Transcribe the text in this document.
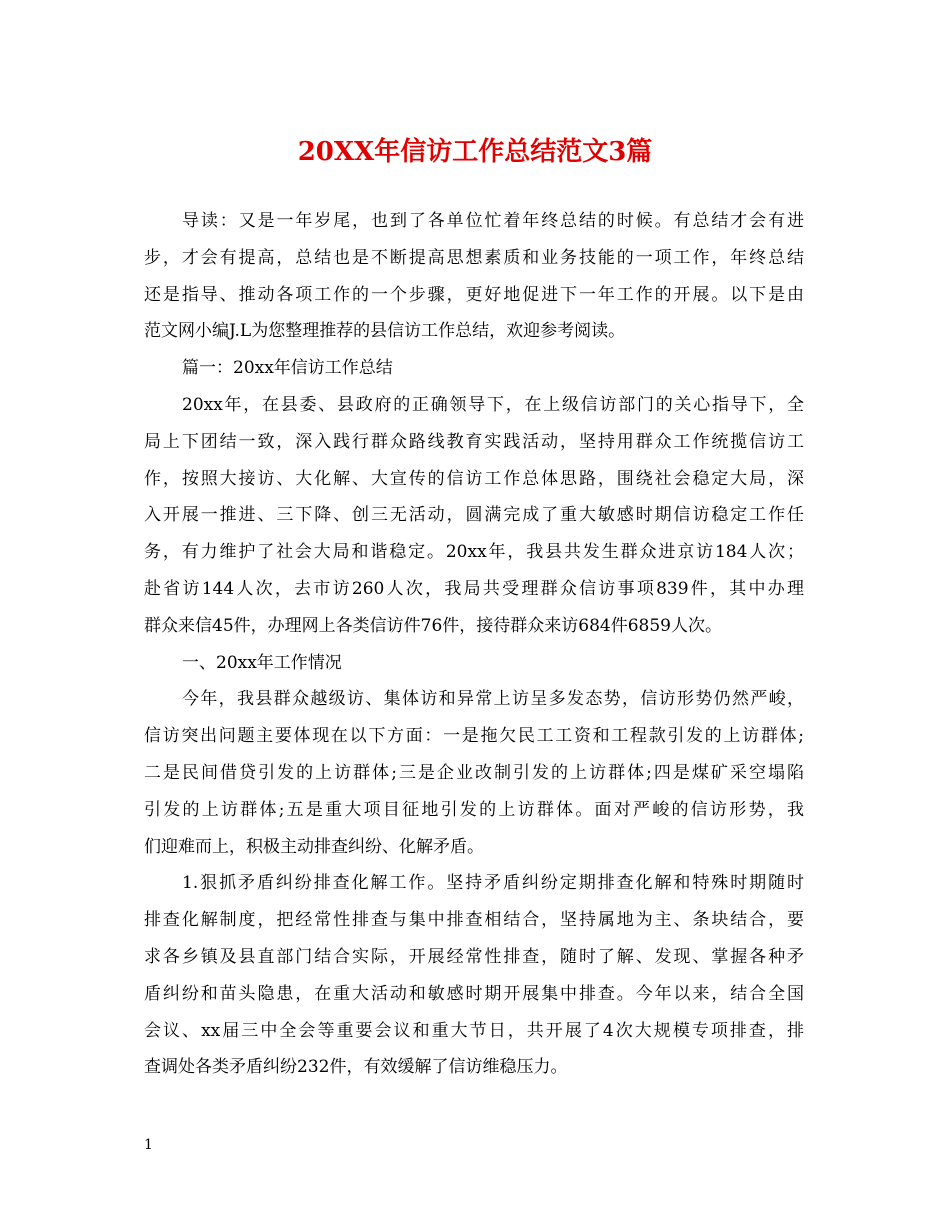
20XX年信访工作总结范文3篇
导读：又是一年岁尾，也到了各单位忙着年终总结的时候。有总结才会有进
步，才会有提高，总结也是不断提高思想素质和业务技能的一项工作，年终总结
还是指导、推动各项工作的一个步骤，更好地促进下一年工作的开展。以下是由
范文网小编J.L为您整理推荐的县信访工作总结，欢迎参考阅读。
篇一：20xx年信访工作总结
20xx年，在县委、县政府的正确领导下，在上级信访部门的关心指导下，全
局上下团结一致，深入践行群众路线教育实践活动，坚持用群众工作统揽信访工
作，按照大接访、大化解、大宣传的信访工作总体思路，围绕社会稳定大局，深
入开展一推进、三下降、创三无活动，圆满完成了重大敏感时期信访稳定工作任
务，有力维护了社会大局和谐稳定。20xx年，我县共发生群众进京访184人次；
赴省访144人次，去市访260人次，我局共受理群众信访事项839件，其中办理
群众来信45件，办理网上各类信访件76件，接待群众来访684件6859人次。
一、20xx年工作情况
今年，我县群众越级访、集体访和异常上访呈多发态势，信访形势仍然严峻，
信访突出问题主要体现在以下方面：一是拖欠民工工资和工程款引发的上访群体;
二是民间借贷引发的上访群体;三是企业改制引发的上访群体;四是煤矿采空塌陷
引发的上访群体;五是重大项目征地引发的上访群体。面对严峻的信访形势，我
们迎难而上，积极主动排查纠纷、化解矛盾。
1.狠抓矛盾纠纷排查化解工作。坚持矛盾纠纷定期排查化解和特殊时期随时
排查化解制度，把经常性排查与集中排查相结合，坚持属地为主、条块结合，要
求各乡镇及县直部门结合实际，开展经常性排查，随时了解、发现、掌握各种矛
盾纠纷和苗头隐患，在重大活动和敏感时期开展集中排查。今年以来，结合全国
会议、xx届三中全会等重要会议和重大节日，共开展了4次大规模专项排查，排
查调处各类矛盾纠纷232件，有效缓解了信访维稳压力。
1
